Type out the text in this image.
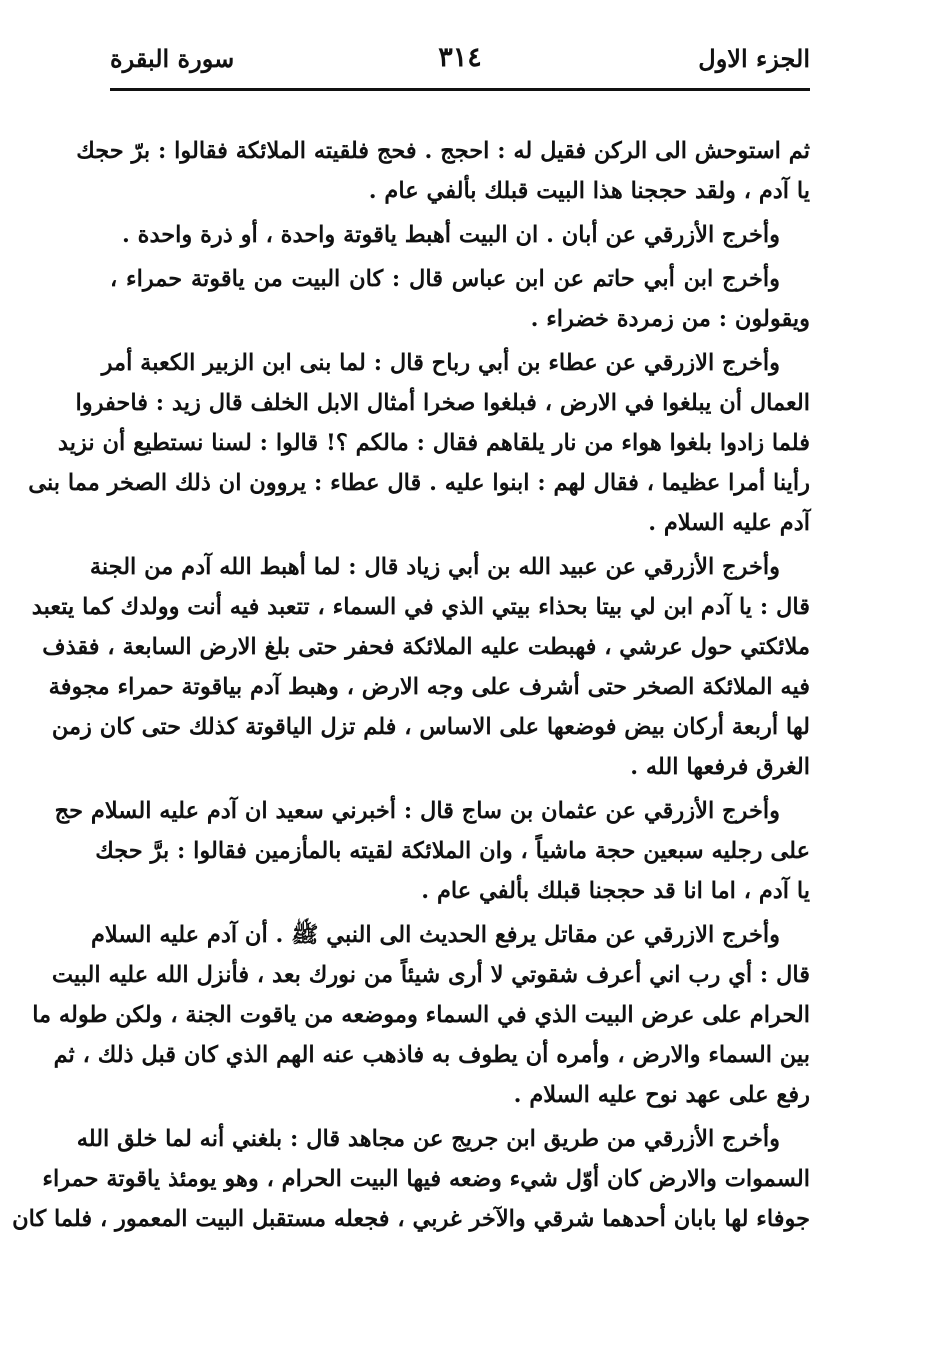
الجزء الاول
٣١٤
سورة البقرة
ثم استوحش الى الركن فقيل له : احجج . فحج فلقيته الملائكة فقالوا : برّ حجك
يا آدم ، ولقد حججنا هذا البيت قبلك بألفي عام .
وأخرج الأزرقي عن أبان . ان البيت أهبط ياقوتة واحدة ، أو ذرة واحدة .
وأخرج ابن أبي حاتم عن ابن عباس قال : كان البيت من ياقوتة حمراء ،
ويقولون : من زمردة خضراء .
وأخرج الازرقي عن عطاء بن أبي رباح قال : لما بنى ابن الزبير الكعبة أمر
العمال أن يبلغوا في الارض ، فبلغوا صخرا أمثال الابل الخلف قال زيد : فاحفروا
فلما زادوا بلغوا هواء من نار يلقاهم فقال : مالكم ؟! قالوا : لسنا نستطيع أن نزيد
رأينا أمرا عظيما ، فقال لهم : ابنوا عليه . قال عطاء : يروون ان ذلك الصخر مما بنى
آدم عليه السلام .
وأخرج الأزرقي عن عبيد الله بن أبي زياد قال : لما أهبط الله آدم من الجنة
قال : يا آدم ابن لي بيتا بحذاء بيتي الذي في السماء ، تتعبد فيه أنت وولدك كما يتعبد
ملائكتي حول عرشي ، فهبطت عليه الملائكة فحفر حتى بلغ الارض السابعة ، فقذف
فيه الملائكة الصخر حتى أشرف على وجه الارض ، وهبط آدم بياقوتة حمراء مجوفة
لها أربعة أركان بيض فوضعها على الاساس ، فلم تزل الياقوتة كذلك حتى كان زمن
الغرق فرفعها الله .
وأخرج الأزرقي عن عثمان بن ساج قال : أخبرني سعيد ان آدم عليه السلام حج
على رجليه سبعين حجة ماشياً ، وان الملائكة لقيته بالمأزمين فقالوا : برَّ حجك
يا آدم ، اما انا قد حججنا قبلك بألفي عام .
وأخرج الازرقي عن مقاتل يرفع الحديث الى النبي ﷺ . أن آدم عليه السلام
قال : أي رب اني أعرف شقوتي لا أرى شيئاً من نورك بعد ، فأنزل الله عليه البيت
الحرام على عرض البيت الذي في السماء وموضعه من ياقوت الجنة ، ولكن طوله ما
بين السماء والارض ، وأمره أن يطوف به فاذهب عنه الهم الذي كان قبل ذلك ، ثم
رفع على عهد نوح عليه السلام .
وأخرج الأزرقي من طريق ابن جريج عن مجاهد قال : بلغني أنه لما خلق الله
السموات والارض كان أوّل شيء وضعه فيها البيت الحرام ، وهو يومئذ ياقوتة حمراء
جوفاء لها بابان أحدهما شرقي والآخر غربي ، فجعله مستقبل البيت المعمور ، فلما كان
